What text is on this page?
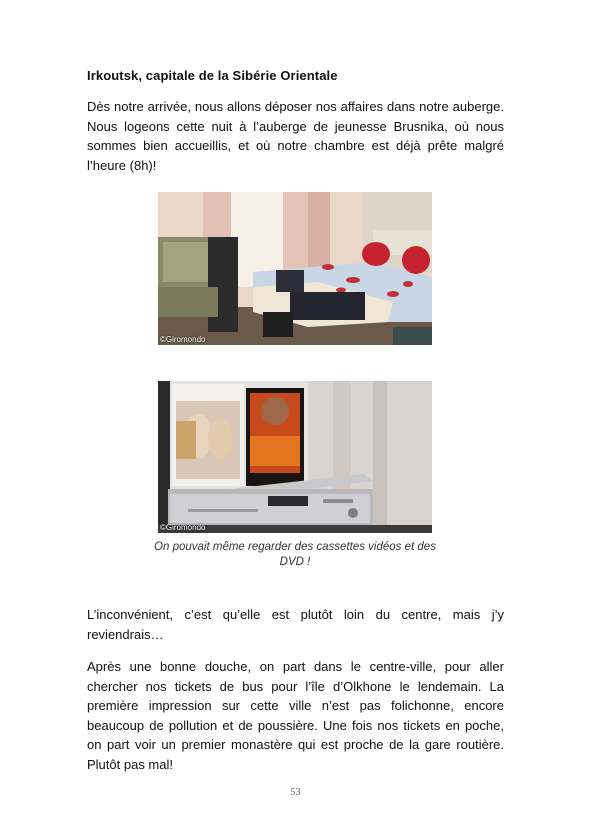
Irkoutsk, capitale de la Sibérie Orientale

Dès notre arrivée, nous allons déposer nos affaires dans notre auberge. Nous logeons cette nuit à l’auberge de jeunesse Brusnika, où nous sommes bien accueillis, et où notre chambre est déjà prête malgré l’heure (8h)!

©Giromondo
©Giromondo
On pouvait même regarder des cassettes vidéos et des DVD !

L’inconvénient, c’est qu’elle est plutôt loin du centre, mais j’y reviendrais…

Après une bonne douche, on part dans le centre-ville, pour aller chercher nos tickets de bus pour l’île d’Olkhone le lendemain. La première impression sur cette ville n’est pas folichonne, encore beaucoup de pollution et de poussière. Une fois nos tickets en poche, on part voir un premier monastère qui est proche de la gare routière. Plutôt pas mal!

53
